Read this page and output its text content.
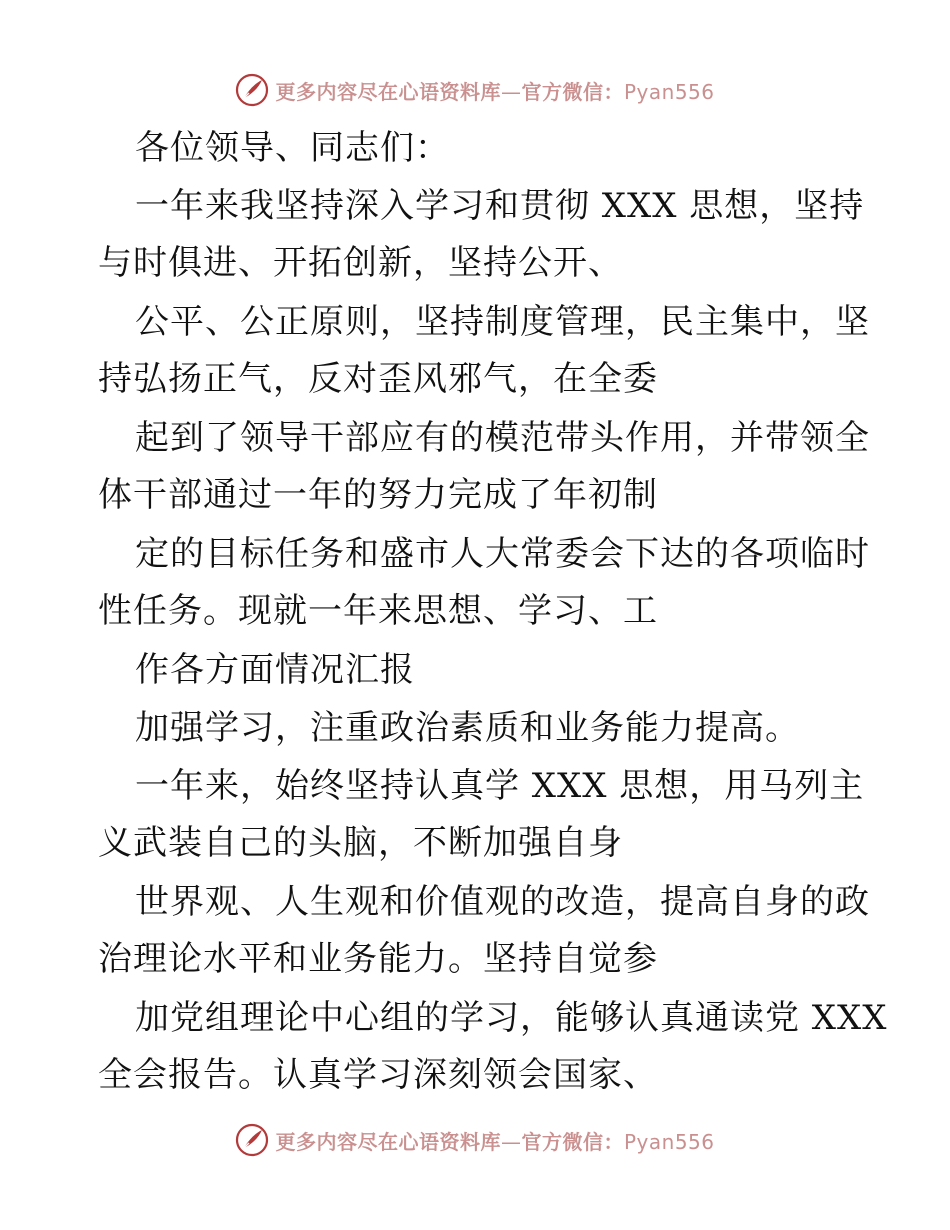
更多内容尽在心语资料库—官方微信：Pyan556
各位领导、同志们：
一年来我坚持深入学习和贯彻 XXX 思想，坚持
与时俱进、开拓创新，坚持公开、
公平、公正原则，坚持制度管理，民主集中，坚
持弘扬正气，反对歪风邪气，在全委
起到了领导干部应有的模范带头作用，并带领全
体干部通过一年的努力完成了年初制
定的目标任务和盛市人大常委会下达的各项临时
性任务。现就一年来思想、学习、工
作各方面情况汇报
加强学习，注重政治素质和业务能力提高。
一年来，始终坚持认真学 XXX 思想，用马列主
义武装自己的头脑，不断加强自身
世界观、人生观和价值观的改造，提高自身的政
治理论水平和业务能力。坚持自觉参
加党组理论中心组的学习，能够认真通读党 XXX
全会报告。认真学习深刻领会国家、
更多内容尽在心语资料库—官方微信：Pyan556
